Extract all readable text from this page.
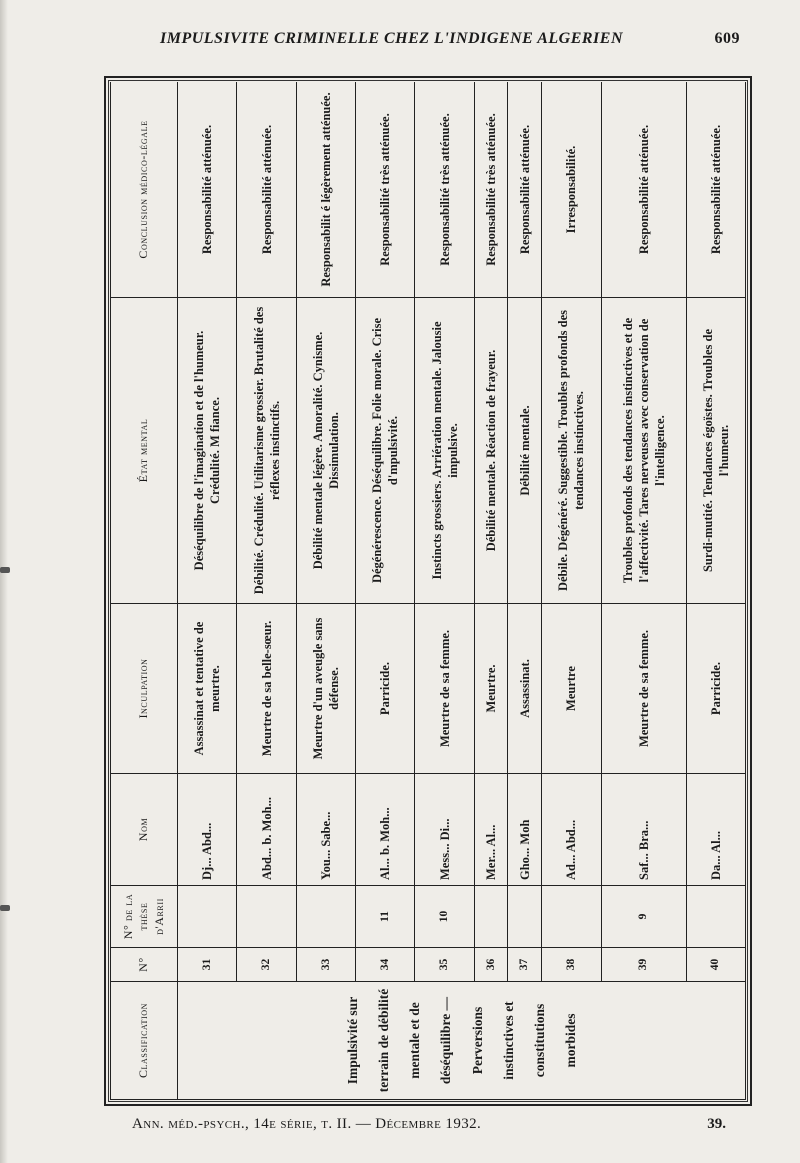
IMPULSIVITE CRIMINELLE CHEZ L'INDIGENE ALGERIEN	609
Classification	N°	N° de la thèse d'Arrii	Nom	Inculpation	État mental	Conclusion médico-légale
Impulsivité sur terrain de débilité mentale et de déséquilibre — Perversions instinctives et constitutions morbides	31		Dj... Abd...	Assassinat et tentative de meurtre.	Déséquilibre de l'imagination et de l'humeur. Crédulité. M fiance.	Responsabilité atténuée.
	32		Abd... b. Moh...	Meurtre de sa belle-sœur.	Débilité. Crédulité. Utilitarisme grossier. Brutalité des réflexes instinctifs.	Responsabilité atténuée.
	33		You... Sabe...	Meurtre d'un aveugle sans défense.	Débilité mentale légère. Amoralité. Cynisme. Dissimulation.	Responsabilit é légèrement atténuée.
	34	11	Al... b. Moh...	Parricide.	Dégénérescence. Déséquilibre. Folie morale. Crise d'mpulsivité.	Responsabilité très atténuée.
	35	10	Mess... Di...	Meurtre de sa femme.	Instincts grossiers. Arriération mentale. Jalousie impulsive.	Responsabilité très atténuée.
	36		Mer... Al...	Meurtre.	Débilité mentale. Réaction de frayeur.	Responsabilité très atténuée.
	37		Gho... Moh	Assassinat.	Débilité mentale.	Responsabilité atténuée.
	38		Ad... Abd...	Meurtre	Débile. Dégénéré. Suggestible. Troubles profonds des tendances instinctives.	Irresponsabilité.
	39	9	Saf... Bra...	Meurtre de sa femme.	Troubles profonds des tendances instinctives et de l'affectivité. Tares nerveuses avec conservation de l'intelligence.	Responsabilité atténuée.
	40		Da... Al...	Parricide.	Surdi-mutité. Tendances égoïstes. Troubles de l'humeur.	Responsabilité atténuée.
Ann. méd.-psych., 14e série, t. II. — Décembre 1932.	39.
